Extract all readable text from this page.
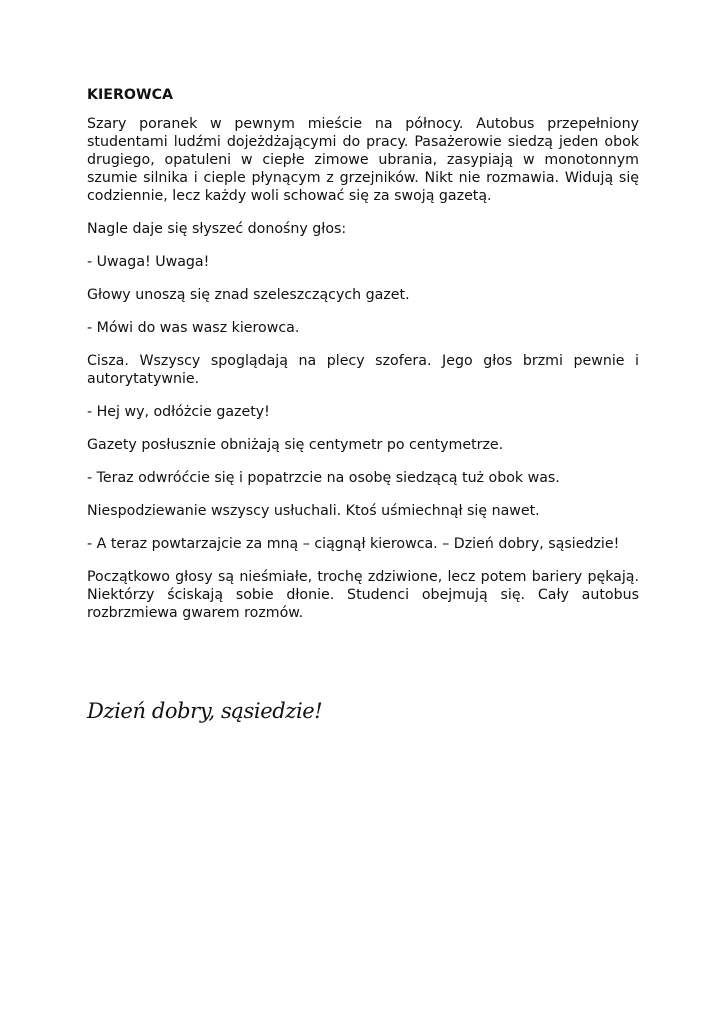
KIEROWCA

Szary poranek w pewnym mieście na północy. Autobus przepełniony studentami ludźmi dojeżdżającymi do pracy. Pasażerowie siedzą jeden obok drugiego, opatuleni w ciepłe zimowe ubrania, zasypiają w monotonnym szumie silnika i cieple płynącym z grzejników. Nikt nie rozmawia. Widują się codziennie, lecz każdy woli schować się za swoją gazetą.

Nagle daje się słyszeć donośny głos:

- Uwaga! Uwaga!

Głowy unoszą się znad szeleszczących gazet.

- Mówi do was wasz kierowca.

Cisza. Wszyscy spoglądają na plecy szofera. Jego głos brzmi pewnie i autorytatywnie.

- Hej wy, odłóżcie gazety!

Gazety posłusznie obniżają się centymetr po centymetrze.

- Teraz odwróćcie się i popatrzcie na osobę siedzącą tuż obok was.

Niespodziewanie wszyscy usłuchali. Ktoś uśmiechnął się nawet.

- A teraz powtarzajcie za mną – ciągnął kierowca. – Dzień dobry, sąsiedzie!

Początkowo głosy są nieśmiałe, trochę zdziwione, lecz potem bariery pękają. Niektórzy ściskają sobie dłonie. Studenci obejmują się. Cały autobus rozbrzmiewa gwarem rozmów.

Dzień dobry, sąsiedzie!
